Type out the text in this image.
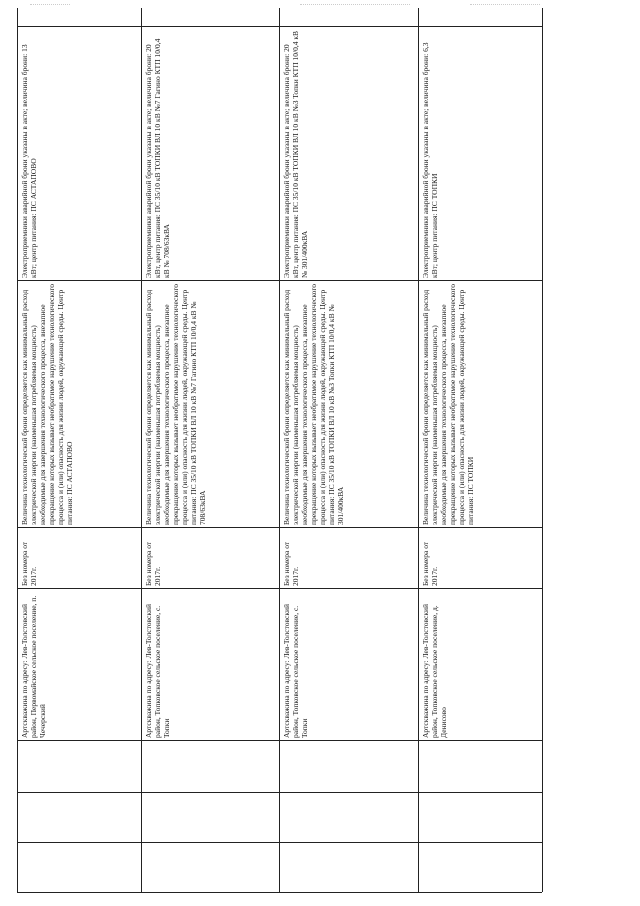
Артскважина по адресу: Лев-Толстовский район, Первомайское сельское поселение, п. Чечерский
Без номера от 2017г.
Величина технологической брони определяется как минимальный расход электрической энергии (наименьшая потребляемая мощность) необходимые для завершения технологического процесса, внезапное прекращение которых вызывает необратимое нарушение технологического процесса и (или) опасность для жизни людей, окружающей среды. Центр питания: ПС АСТАПОВО
Электроприемники аварийной брони указаны в акте; величина брони: 13 кВт; центр питания: ПС АСТАПОВО
Артскважина по адресу: Лев-Толстовский район, Топковское сельское поселение, с. Топки
Без номера от 2017г.
Величина технологической брони определяется как минимальный расход электрической энергии (наименьшая потребляемая мощность) необходимые для завершения технологического процесса, внезапное прекращение которых вызывает необратимое нарушение технологического процесса и (или) опасность для жизни людей, окружающей среды. Центр питания: ПС 35/10 кВ ТОПКИ ВЛ 10 кВ №7 Гагино КТП 10/0,4 кВ № 708/63кВА
Электроприемники аварийной брони указаны в акте; величина брони: 20 кВт, центр питания: ПС 35/10 кВ ТОПКИ ВЛ 10 кВ №7 Гагино КТП 10/0,4 кВ № 708/63кВА
Артскважина по адресу: Лев-Толстовский район, Топковское сельское поселение, с. Топки
Без номера от 2017г.
Величина технологической брони определяется как минимальный расход электрической энергии (наименьшая потребляемая мощность) необходимые для завершения технологического процесса, внезапное прекращение которых вызывает необратимое нарушение технологического процесса и (или) опасность для жизни людей, окружающей среды. Центр питания: ПС 35/10 кВ ТОПКИ ВЛ 10 кВ №3 Топки КТП 10/0,4 кВ № 301/400кВА
Электроприемники аварийной брони указаны в акте; величина брони: 20 кВт, центр питания: ПС 35/10 кВ ТОПКИ ВЛ 10 кВ №3 Топки КТП 10/0,4 кВ № 301/400кВА
Артскважина по адресу: Лев-Толстовский район, Топковское сельское поселение, д. Денисово
Без номера от 2017г.
Величина технологической брони определяется как минимальный расход электрической энергии (наименьшая потребляемая мощность) необходимые для завершения технологического процесса, внезапное прекращение которых вызывает необратимое нарушение технологического процесса и (или) опасность для жизни людей, окружающей среды. Центр питания: ПС ТОПКИ
Электроприемники аварийной брони указаны в акте; величина брони: 6,3 кВт; центр питания: ПС ТОПКИ
